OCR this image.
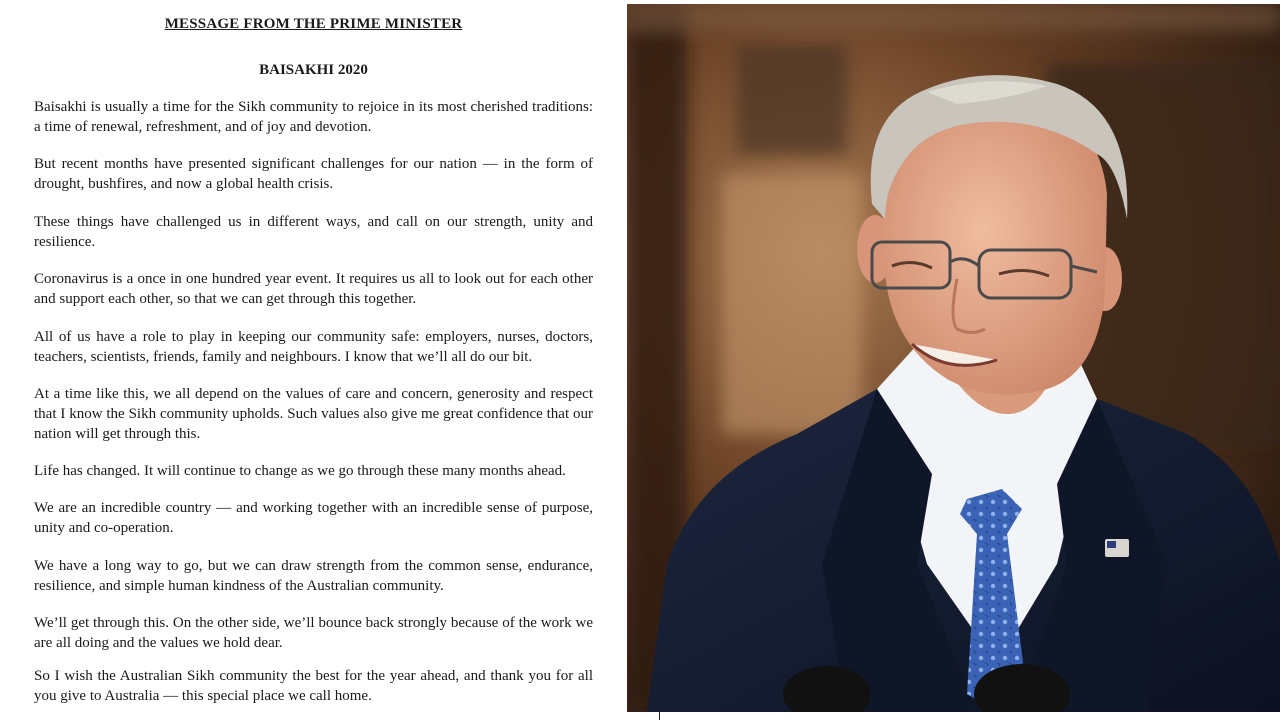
MESSAGE FROM THE PRIME MINISTER
BAISAKHI 2020
Baisakhi is usually a time for the Sikh community to rejoice in its most cherished traditions: a time of renewal, refreshment, and of joy and devotion.
But recent months have presented significant challenges for our nation — in the form of drought, bushfires, and now a global health crisis.
These things have challenged us in different ways, and call on our strength, unity and resilience.
Coronavirus is a once in one hundred year event. It requires us all to look out for each other and support each other, so that we can get through this together.
All of us have a role to play in keeping our community safe: employers, nurses, doctors, teachers, scientists, friends, family and neighbours. I know that we’ll all do our bit.
At a time like this, we all depend on the values of care and concern, generosity and respect that I know the Sikh community upholds. Such values also give me great confidence that our nation will get through this.
Life has changed. It will continue to change as we go through these many months ahead.
We are an incredible country — and working together with an incredible sense of purpose, unity and co-operation.
We have a long way to go, but we can draw strength from the common sense, endurance, resilience, and simple human kindness of the Australian community.
We’ll get through this. On the other side, we’ll bounce back strongly because of the work we are all doing and the values we hold dear.
So I wish the Australian Sikh community the best for the year ahead, and thank you for all you give to Australia — this special place we call home.
